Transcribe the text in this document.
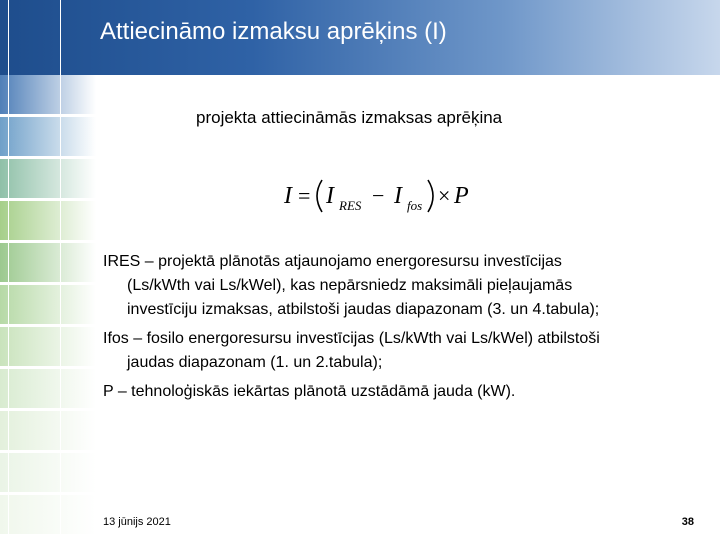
Attiecināmo izmaksu aprēķins (I)
projekta attiecināmās izmaksas aprēķina
I = I RES − I fos × P
IRES – projektā plānotās atjaunojamo energoresursu investīcijas
(Ls/kWth vai Ls/kWel), kas nepārsniedz maksimāli pieļaujamās
investīciju izmaksas, atbilstoši jaudas diapazonam (3. un 4.tabula);
Ifos – fosilo energoresursu investīcijas (Ls/kWth vai Ls/kWel) atbilstoši
jaudas diapazonam (1. un 2.tabula);
P – tehnoloģiskās iekārtas plānotā uzstādāmā jauda (kW).
13 jūnijs 2021	38
